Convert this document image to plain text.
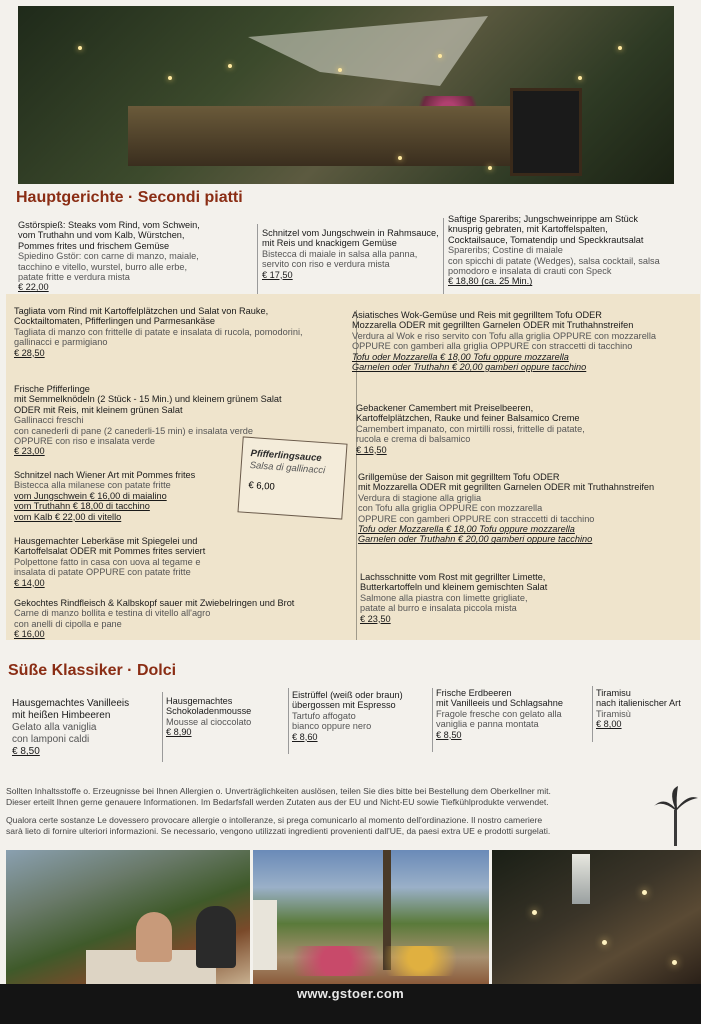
Hauptgerichte · Secondi piatti
Gstörspieß: Steaks vom Rind, vom Schwein,
vom Truthahn und vom Kalb, Würstchen,
Pommes frites und frischem Gemüse
Spiedino Gstör: con carne di manzo, maiale,
tacchino e vitello, wurstel, burro alle erbe,
patate fritte e verdura mista
€ 22,00
Schnitzel vom Jungschwein in Rahmsauce,
mit Reis und knackigem Gemüse
Bistecca di maiale in salsa alla panna,
servito con riso e verdura mista
€ 17,50
Saftige Spareribs; Jungschweinrippe am Stück
knusprig gebraten, mit Kartoffelspalten,
Cocktailsauce, Tomatendip und Speckkrautsalat
Spareribs; Costine di maiale
con spicchi di patate (Wedges), salsa cocktail, salsa
pomodoro e insalata di crauti con Speck
€ 18,80 (ca. 25 Min.)
Tagliata vom Rind mit Kartoffelplätzchen und Salat von Rauke,
Cocktailtomaten, Pfifferlingen und Parmesankäse
Tagliata di manzo con frittelle di patate e insalata di rucola, pomodorini,
gallinacci e parmigiano
€ 28,50
Frische Pfifferlinge
mit Semmelknödeln (2 Stück - 15 Min.) und kleinem grünem Salat
ODER mit Reis, mit kleinem grünen Salat
Gallinacci freschi
con canederli di pane (2 canederli-15 min) e insalata verde
OPPURE con riso e insalata verde
€ 23,00
Schnitzel nach Wiener Art mit Pommes frites
Bistecca alla milanese con patate fritte
vom Jungschwein € 16,00 di maialino
vom Truthahn € 18,00 di tacchino
vom Kalb € 22,00 di vitello
Hausgemachter Leberkäse mit Spiegelei und
Kartoffelsalat ODER mit Pommes frites serviert
Polpettone fatto in casa con uova al tegame e
insalata di patate OPPURE con patate fritte
€ 14,00
Gekochtes Rindfleisch & Kalbskopf sauer mit Zwiebelringen und Brot
Carne di manzo bollita e testina di vitello all'agro
con anelli di cipolla e pane
€ 16,00
Pfifferlingsauce
Salsa di gallinacci
€ 6,00
Asiatisches Wok-Gemüse und Reis mit gegrilltem Tofu ODER
Mozzarella ODER mit gegrillten Garnelen ODER mit Truthahnstreifen
Verdura al Wok e riso servito con Tofu alla griglia OPPURE con mozzarella
OPPURE con gamberi alla griglia OPPURE con straccetti di tacchino
Tofu oder Mozzarella € 18,00 Tofu oppure mozzarella
Garnelen oder Truthahn € 20,00 gamberi oppure tacchino
Gebackener Camembert mit Preiselbeeren,
Kartoffelplätzchen, Rauke und feiner Balsamico Creme
Camembert impanato, con mirtilli rossi, frittelle di patate,
rucola e crema di balsamico
€ 16,50
Grillgemüse der Saison mit gegrilltem Tofu ODER
mit Mozzarella ODER mit gegrillten Garnelen ODER mit Truthahnstreifen
Verdura di stagione alla griglia
con Tofu alla griglia OPPURE con mozzarella
OPPURE con gamberi OPPURE con straccetti di tacchino
Tofu oder Mozzarella € 18,00 Tofu oppure mozzarella
Garnelen oder Truthahn € 20,00 gamberi oppure tacchino
Lachsschnitte vom Rost mit gegrillter Limette,
Butterkartoffeln und kleinem gemischten Salat
Salmone alla piastra con limette grigliate,
patate al burro e insalata piccola mista
€ 23,50
Süße Klassiker · Dolci
Hausgemachtes Vanilleeis
mit heißen Himbeeren
Gelato alla vaniglia
con lamponi caldi
€ 8,50
Hausgemachtes
Schokoladenmousse
Mousse al cioccolato
€ 8,90
Eistrüffel (weiß oder braun)
übergossen mit Espresso
Tartufo affogato
bianco oppure nero
€ 8,60
Frische Erdbeeren
mit Vanilleeis und Schlagsahne
Fragole fresche con gelato alla
vaniglia e panna montata
€ 8,50
Tiramisu
nach italienischer Art
Tiramisù
€ 8,00
Sollten Inhaltsstoffe o. Erzeugnisse bei Ihnen Allergien o. Unverträglichkeiten auslösen, teilen Sie dies bitte bei Bestellung dem Oberkellner mit.
Dieser erteilt Ihnen gerne genauere Informationen. Im Bedarfsfall werden Zutaten aus der EU und Nicht-EU sowie Tiefkühlprodukte verwendet.
Qualora certe sostanze Le dovessero provocare allergie o intolleranze, si prega comunicarlo al momento dell'ordinazione. Il nostro cameriere
sarà lieto di fornire ulteriori informazioni. Se necessario, vengono utilizzati ingredienti provenienti dall'UE, da paesi extra UE e prodotti surgelati.
www.gstoer.com
